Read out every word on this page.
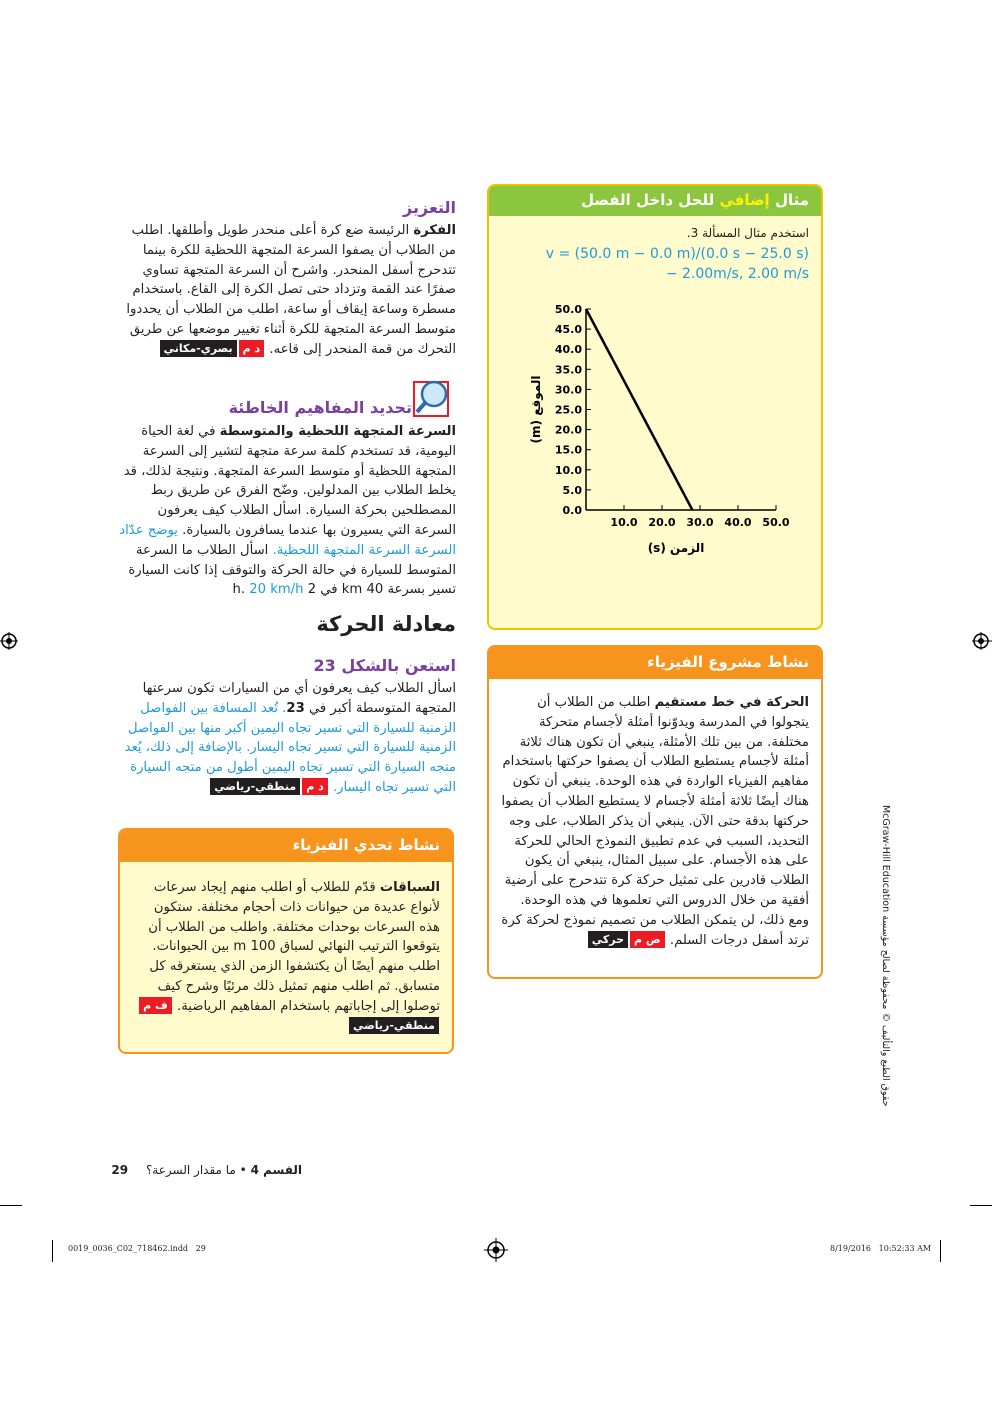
التعزيز
الفكرة الرئيسة ضع كرة أعلى منحدر طويل وأطلقها. اطلب من الطلاب أن يصفوا السرعة المتجهة اللحظية للكرة بينما تتدحرج أسفل المنحدر. واشرح أن السرعة المتجهة تساوي صفرًا عند القمة وتزداد حتى تصل الكرة إلى القاع. باستخدام مسطرة وساعة إيقاف أو ساعة، اطلب من الطلاب أن يحددوا متوسط السرعة المتجهة للكرة أثناء تغيير موضعها عن طريق التحرك من قمة المنحدر إلى قاعه. د مبصري-مكاني
تحديد المفاهيم الخاطئة
السرعة المتجهة اللحظية والمتوسطة في لغة الحياة اليومية، قد تستخدم كلمة سرعة متجهة لتشير إلى السرعة المتجهة اللحظية أو متوسط السرعة المتجهة. ونتيجة لذلك، قد يخلط الطلاب بين المدلولين. وضّح الفرق عن طريق ربط المصطلحين بحركة السيارة. اسأل الطلاب كيف يعرفون السرعة التي يسيرون بها عندما يسافرون بالسيارة. يوضح عدّاد السرعة السرعة المتجهة اللحظية. اسأل الطلاب ما السرعة المتوسط للسيارة في حالة الحركة والتوقف إذا كانت السيارة تسير بسرعة 40 km في 2 h. 20 km/h
معادلة الحركة
استعن بالشكل 23
اسأل الطلاب كيف يعرفون أي من السيارات تكون سرعتها المتجهة المتوسطة أكبر في 23. تُعد المسافة بين الفواصل الزمنية للسيارة التي تسير تجاه اليمين أكبر منها بين الفواصل الزمنية للسيارة التي تسير تجاه اليسار. بالإضافة إلى ذلك، يُعد متجه السيارة التي تسير تجاه اليمين أطول من متجه السيارة التي تسير تجاه اليسار. د ممنطقي-رياضي
نشاط تحدي الفيزياء
السباقات قدّم للطلاب أو اطلب منهم إيجاد سرعات لأنواع عديدة من حيوانات ذات أحجام مختلفة. ستكون هذه السرعات بوحدات مختلفة. واطلب من الطلاب أن يتوقعوا الترتيب النهائي لسباق 100 m بين الحيوانات. اطلب منهم أيضًا أن يكتشفوا الزمن الذي يستغرقه كل متسابق. ثم اطلب منهم تمثيل ذلك مرئيًا وشرح كيف توصلوا إلى إجاباتهم باستخدام المفاهيم الرياضية. ف ممنطقي-رياضي
مثال إضافي للحل داخل الفصل
استخدم مثال المسألة 3.
v = (50.0 m − 0.0 m)/(0.0 s − 25.0 s)
− 2.00m/s, 2.00 m/s
0.0
5.0
10.0
15.0
20.0
25.0
30.0
35.0
40.0
45.0
50.0
10.0 20.0 30.0 40.0 50.0
الزمن (s)
الموقع (m)
نشاط مشروع الفيزياء
الحركة في خط مستقيم اطلب من الطلاب أن يتجولوا في المدرسة ويدوّنوا أمثلة لأجسام متحركة مختلفة. من بين تلك الأمثلة، ينبغي أن تكون هناك ثلاثة أمثلة لأجسام يستطيع الطلاب أن يصفوا حركتها باستخدام مفاهيم الفيزياء الواردة في هذه الوحدة. ينبغي أن تكون هناك أيضًا ثلاثة أمثلة لأجسام لا يستطيع الطلاب أن يصفوا حركتها بدقة حتى الآن. ينبغي أن يذكر الطلاب، على وجه التحديد، السبب في عدم تطبيق النموذج الحالي للحركة على هذه الأجسام. على سبيل المثال، ينبغي أن يكون الطلاب قادرين على تمثيل حركة كرة تتدحرج على أرضية أفقية من خلال الدروس التي تعلموها في هذه الوحدة. ومع ذلك، لن يتمكن الطلاب من تصميم نموذج لحركة كرة ترتد أسفل درجات السلم. ض محركي
حقوق الطبع والتأليف © محفوظة لصالح مؤسسة McGraw-Hill Education
القسم 4 • ما مقدار السرعة؟ 29
0019_0036_C02_718462.indd   29	8/19/2016   10:52:33 AM
